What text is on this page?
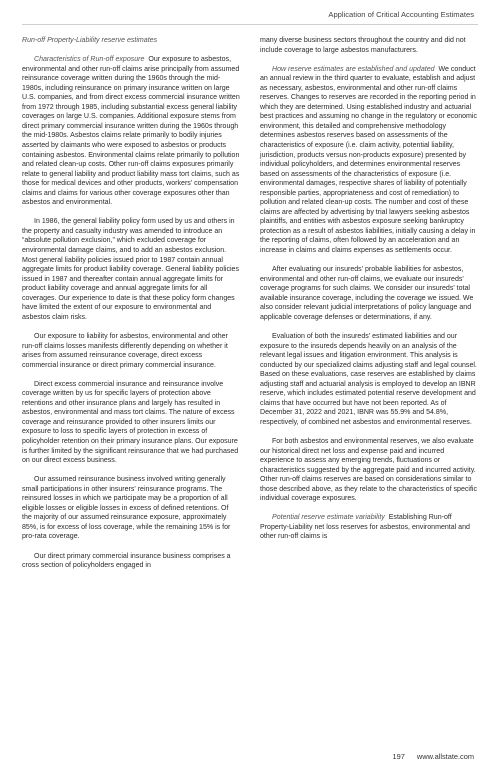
Application of Critical Accounting Estimates

Run-off Property-Liability reserve estimates

Characteristics of Run-off exposure Our exposure to asbestos, environmental and other run-off claims arise principally from assumed reinsurance coverage written during the 1960s through the mid-1980s, including reinsurance on primary insurance written on large U.S. companies, and from direct excess commercial insurance written from 1972 through 1985, including substantial excess general liability coverages on large U.S. companies. Additional exposure stems from direct primary commercial insurance written during the 1960s through the mid-1980s. Asbestos claims relate primarily to bodily injuries asserted by claimants who were exposed to asbestos or products containing asbestos. Environmental claims relate primarily to pollution and related clean-up costs. Other run-off claims exposures primarily relate to general liability and product liability mass tort claims, such as those for medical devices and other products, workers' compensation claims and claims for various other coverage exposures other than asbestos and environmental.

In 1986, the general liability policy form used by us and others in the property and casualty industry was amended to introduce an “absolute pollution exclusion,” which excluded coverage for environmental damage claims, and to add an asbestos exclusion. Most general liability policies issued prior to 1987 contain annual aggregate limits for product liability coverage. General liability policies issued in 1987 and thereafter contain annual aggregate limits for product liability coverage and annual aggregate limits for all coverages. Our experience to date is that these policy form changes have limited the extent of our exposure to environmental and asbestos claim risks.

Our exposure to liability for asbestos, environmental and other run-off claims losses manifests differently depending on whether it arises from assumed reinsurance coverage, direct excess commercial insurance or direct primary commercial insurance.

Direct excess commercial insurance and reinsurance involve coverage written by us for specific layers of protection above retentions and other insurance plans and largely has resulted in asbestos, environmental and mass tort claims. The nature of excess coverage and reinsurance provided to other insurers limits our exposure to loss to specific layers of protection in excess of policyholder retention on their primary insurance plans. Our exposure is further limited by the significant reinsurance that we had purchased on our direct excess business.

Our assumed reinsurance business involved writing generally small participations in other insurers' reinsurance programs. The reinsured losses in which we participate may be a proportion of all eligible losses or eligible losses in excess of defined retentions. Of the majority of our assumed reinsurance exposure, approximately 85%, is for excess of loss coverage, while the remaining 15% is for pro-rata coverage.

Our direct primary commercial insurance business comprises a cross section of policyholders engaged in

many diverse business sectors throughout the country and did not include coverage to large asbestos manufacturers.

How reserve estimates are established and updated We conduct an annual review in the third quarter to evaluate, establish and adjust as necessary, asbestos, environmental and other run-off claims reserves. Changes to reserves are recorded in the reporting period in which they are determined. Using established industry and actuarial best practices and assuming no change in the regulatory or economic environment, this detailed and comprehensive methodology determines asbestos reserves based on assessments of the characteristics of exposure (i.e. claim activity, potential liability, jurisdiction, products versus non-products exposure) presented by individual policyholders, and determines environmental reserves based on assessments of the characteristics of exposure (i.e. environmental damages, respective shares of liability of potentially responsible parties, appropriateness and cost of remediation) to pollution and related clean-up costs. The number and cost of these claims are affected by advertising by trial lawyers seeking asbestos plaintiffs, and entities with asbestos exposure seeking bankruptcy protection as a result of asbestos liabilities, initially causing a delay in the reporting of claims, often followed by an acceleration and an increase in claims and claims expenses as settlements occur.

After evaluating our insureds' probable liabilities for asbestos, environmental and other run-off claims, we evaluate our insureds' coverage programs for such claims. We consider our insureds' total available insurance coverage, including the coverage we issued. We also consider relevant judicial interpretations of policy language and applicable coverage defenses or determinations, if any.

Evaluation of both the insureds' estimated liabilities and our exposure to the insureds depends heavily on an analysis of the relevant legal issues and litigation environment. This analysis is conducted by our specialized claims adjusting staff and legal counsel. Based on these evaluations, case reserves are established by claims adjusting staff and actuarial analysis is employed to develop an IBNR reserve, which includes estimated potential reserve development and claims that have occurred but have not been reported. As of December 31, 2022 and 2021, IBNR was 55.9% and 54.8%, respectively, of combined net asbestos and environmental reserves.

For both asbestos and environmental reserves, we also evaluate our historical direct net loss and expense paid and incurred experience to assess any emerging trends, fluctuations or characteristics suggested by the aggregate paid and incurred activity. Other run-off claims reserves are based on considerations similar to those described above, as they relate to the characteristics of specific individual coverage exposures.

Potential reserve estimate variability Establishing Run-off Property-Liability net loss reserves for asbestos, environmental and other run-off claims is

197 www.allstate.com
